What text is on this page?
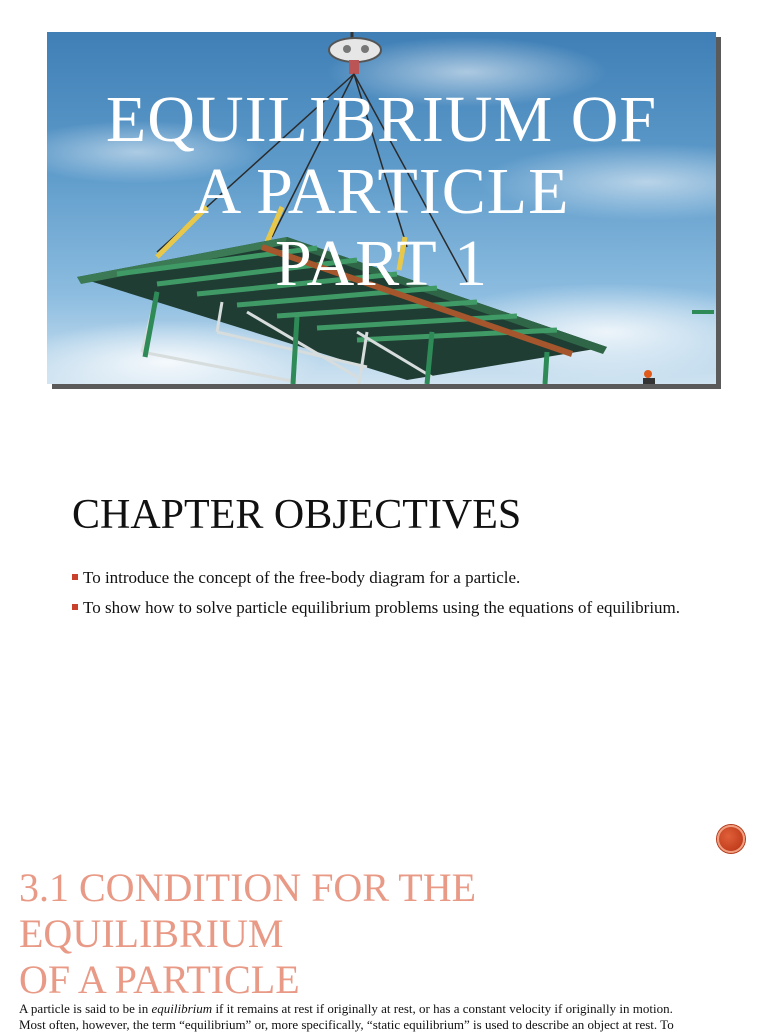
EQUILIBRIUM OF
A PARTICLE
PART 1
CHAPTER OBJECTIVES
To introduce the concept of the free-body diagram for a particle.
To show how to solve particle equilibrium problems using the equations of equilibrium.
3.1 CONDITION FOR THE
EQUILIBRIUM
OF A PARTICLE
A particle is said to be in equilibrium if it remains at rest if originally at rest, or has a constant velocity if originally in motion.
Most often, however, the term “equilibrium” or, more specifically, “static equilibrium” is used to describe an object at rest. To
